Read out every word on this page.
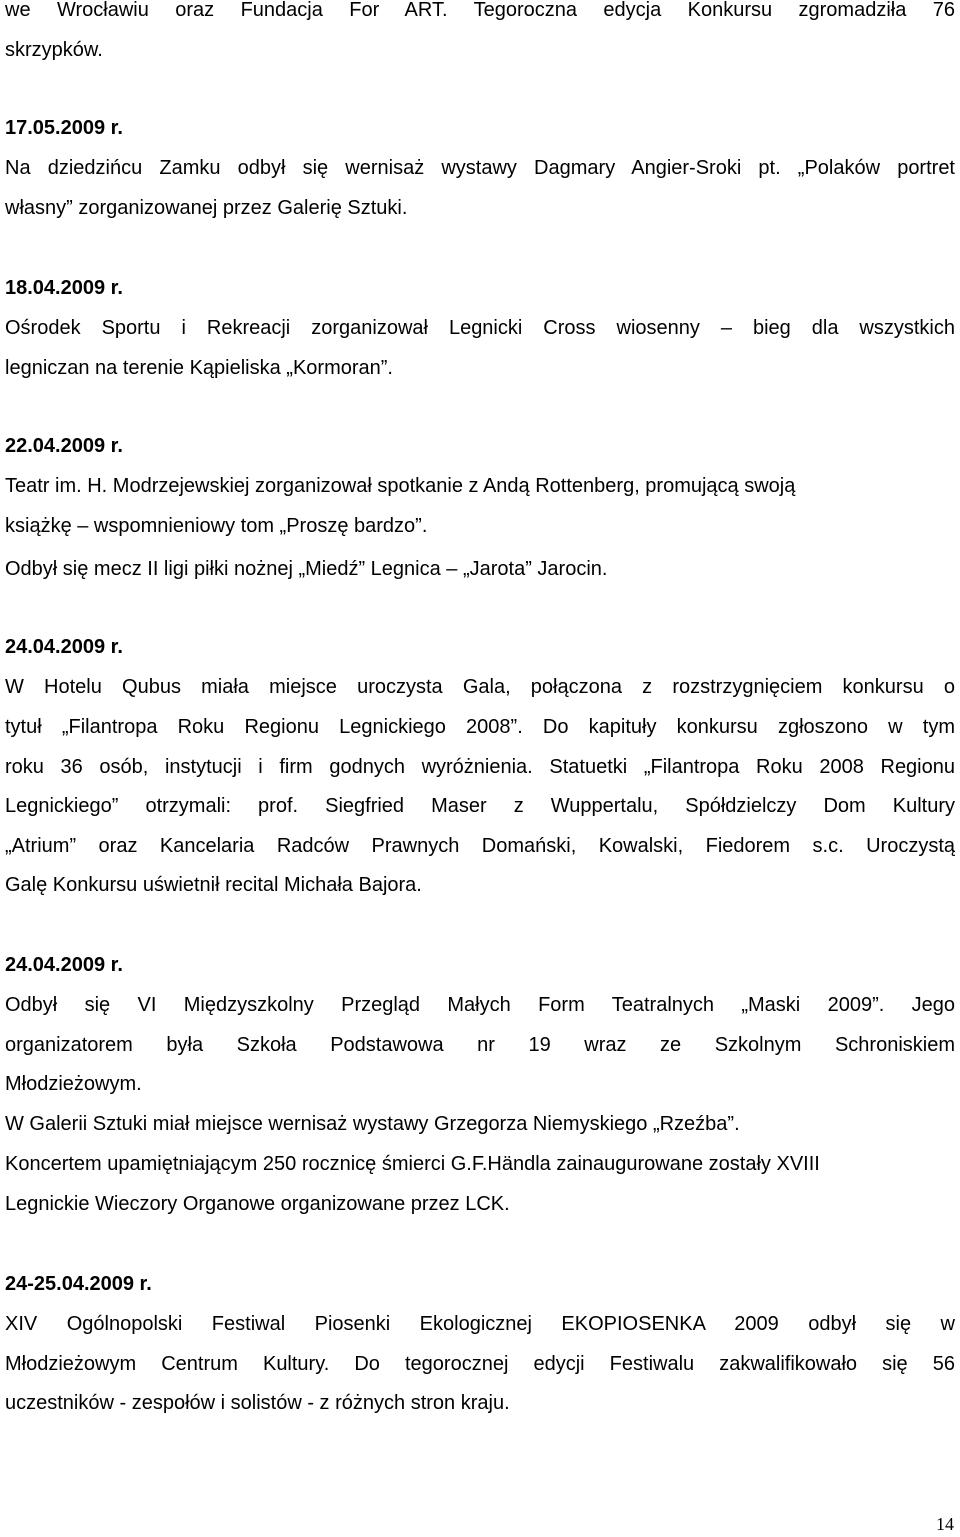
we Wrocławiu oraz Fundacja For ART. Tegoroczna edycja Konkursu zgromadziła 76
skrzypków.
17.05.2009 r.
Na dziedzińcu Zamku odbył się wernisaż wystawy Dagmary Angier-Sroki pt. „Polaków portret
własny” zorganizowanej przez Galerię Sztuki.
18.04.2009 r.
Ośrodek Sportu i Rekreacji zorganizował Legnicki Cross wiosenny – bieg dla wszystkich
legniczan na terenie Kąpieliska „Kormoran”.
22.04.2009 r.
Teatr im. H. Modrzejewskiej zorganizował spotkanie z Andą Rottenberg, promującą swoją
książkę – wspomnieniowy tom „Proszę bardzo”.
Odbył się mecz II ligi piłki nożnej „Miedź” Legnica – „Jarota” Jarocin.
24.04.2009 r.
W Hotelu Qubus miała miejsce uroczysta Gala, połączona z rozstrzygnięciem konkursu o
tytuł „Filantropa Roku Regionu Legnickiego 2008”. Do kapituły konkursu zgłoszono w tym
roku 36 osób, instytucji i firm godnych wyróżnienia. Statuetki „Filantropa Roku 2008 Regionu
Legnickiego” otrzymali: prof. Siegfried Maser z Wuppertalu, Spółdzielczy Dom Kultury
„Atrium” oraz Kancelaria Radców Prawnych Domański, Kowalski, Fiedorem s.c. Uroczystą
Galę Konkursu uświetnił recital Michała Bajora.
24.04.2009 r.
Odbył się VI Międzyszkolny Przegląd Małych Form Teatralnych „Maski 2009”. Jego
organizatorem była Szkoła Podstawowa nr 19 wraz ze Szkolnym Schroniskiem
Młodzieżowym.
W Galerii Sztuki miał miejsce wernisaż wystawy Grzegorza Niemyskiego „Rzeźba”.
Koncertem upamiętniającym 250 rocznicę śmierci G.F.Händla zainaugurowane zostały XVIII
Legnickie Wieczory Organowe organizowane przez LCK.
24-25.04.2009 r.
XIV Ogólnopolski Festiwal Piosenki Ekologicznej EKOPIOSENKA 2009 odbył się w
Młodzieżowym Centrum Kultury. Do tegorocznej edycji Festiwalu zakwalifikowało się 56
uczestników - zespołów i solistów - z różnych stron kraju.
14
